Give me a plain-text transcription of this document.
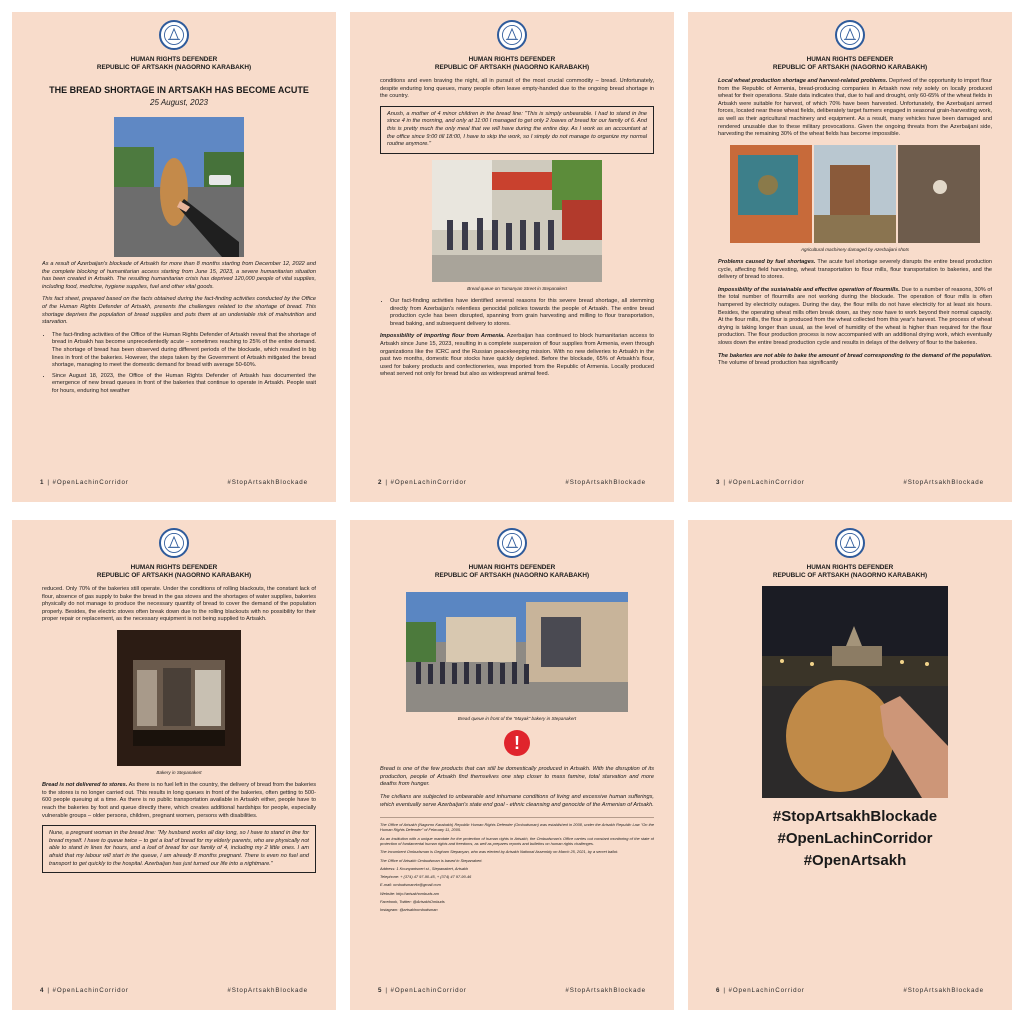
HUMAN RIGHTS DEFENDER
REPUBLIC OF ARTSAKH (NAGORNO KARABAKH)
THE BREAD SHORTAGE IN ARTSAKH HAS BECOME ACUTE
25 August, 2023

As a result of Azerbaijan's blockade of Artsakh for more than 8 months starting from December 12, 2022 and the complete blocking of humanitarian access starting from June 15, 2023, a severe humanitarian situation has been created in Artsakh. The resulting humanitarian crisis has deprived 120,000 people of vital supplies, including food, medicine, hygiene supplies, fuel and other vital goods.

This fact sheet, prepared based on the facts obtained during the fact-finding activities conducted by the Office of the Human Rights Defender of Artsakh, presents the challenges related to the shortage of bread. This shortage deprives the population of bread supplies and puts them at an undeniable risk of malnutrition and starvation.

• The fact-finding activities of the Office of the Human Rights Defender of Artsakh reveal that the shortage of bread in Artsakh has become unprecedentedly acute – sometimes reaching to 25% of the entire demand. The shortage of bread has been observed during different periods of the blockade, which resulted in big lines in front of the bakeries. However, the steps taken by the Government of Artsakh mitigated the bread shortage, managing to meet the domestic demand for bread with average 50-60%.
• Since August 18, 2023, the Office of the Human Rights Defender of Artsakh has documented the emergence of new bread queues in front of the bakeries that continue to operate in Artsakh. People wait for hours, enduring hot weather
1 | #OpenLachinCorridor	#StopArtsakhBlockade
HUMAN RIGHTS DEFENDER
REPUBLIC OF ARTSAKH (NAGORNO KARABAKH)

conditions and even braving the night, all in pursuit of the most crucial commodity – bread. Unfortunately, despite enduring long queues, many people often leave empty-handed due to the ongoing bread shortage in the country.

Anush, a mother of 4 minor children in the bread line: "This is simply unbearable. I had to stand in line since 4 in the morning, and only at 11:00 I managed to get only 2 loaves of bread for our family of 6. And this is pretty much the only meal that we will have during the entire day. As I work as an accountant at the office since 9:00 till 18:00, I have to skip the work, so I simply do not manage to organize my normal routine anymore."
Bread queue on Tumanyan Street in Stepanakert
• Our fact-finding activities have identified several reasons for this severe bread shortage, all stemming directly from Azerbaijan's relentless genocidal policies towards the people of Artsakh. The entire bread production cycle has been disrupted, spanning from grain harvesting and milling to flour transportation, bread baking, and subsequent delivery to stores.

Impossibility of importing flour from Armenia. Azerbaijan has continued to block humanitarian access to Artsakh since June 15, 2023, resulting in a complete suspension of flour supplies from Armenia, even through organizations like the ICRC and the Russian peacekeeping mission. With no new deliveries to Artsakh in the past two months, domestic flour stocks have quickly depleted. Before the blockade, 65% of Artsakh's flour, used for bakery products and confectioneries, was imported from the Republic of Armenia. Locally produced wheat served not only for bread but also as widespread animal feed.

2 | #OpenLachinCorridor	#StopArtsakhBlockade
HUMAN RIGHTS DEFENDER
REPUBLIC OF ARTSAKH (NAGORNO KARABAKH)

Local wheat production shortage and harvest-related problems. Deprived of the opportunity to import flour from the Republic of Armenia, bread-producing companies in Artsakh now rely solely on locally produced wheat for their operations. State data indicates that, due to hail and drought, only 60-65% of the wheat fields in Artsakh were suitable for harvest, of which 70% have been harvested. Unfortunately, the Azerbaijani armed forces, located near these wheat fields, deliberately target farmers engaged in seasonal grain-harvesting work, as well as their agricultural machinery and equipment. As a result, many vehicles have been damaged and rendered unusable due to these military provocations. Given the ongoing threats from the Azerbaijani side, harvesting the remaining 30% of the wheat fields has become impossible.

Agricultural machinery damaged by Azerbaijani shots

Problems caused by fuel shortages. The acute fuel shortage severely disrupts the entire bread production cycle, affecting field harvesting, wheat transportation to flour mills, flour transportation to bakeries, and the delivery of bread to stores.

Impossibility of the sustainable and effective operation of flourmills. Due to a number of reasons, 30% of the total number of flourmills are not working during the blockade. The operation of flour mills is often hampered by electricity outages. During the day, the flour mills do not have electricity for at least six hours. Besides, the operating wheat mills often break down, as they now have to work beyond their normal capacity. At the flour mills, the flour is produced from the wheat collected from this year's harvest. The process of wheat drying is taking longer than usual, as the level of humidity of the wheat is higher than required for the flour production. The flour production process is now accompanied with an additional drying work, which eventually slows down the entire bread production cycle and results in delays of the delivery of flour to the bakeries.

The bakeries are not able to bake the amount of bread corresponding to the demand of the population. The volume of bread production has significantly

3 | #OpenLachinCorridor	#StopArtsakhBlockade
HUMAN RIGHTS DEFENDER
REPUBLIC OF ARTSAKH (NAGORNO KARABAKH)

reduced. Only 70% of the bakeries still operate. Under the conditions of rolling blackouts, the constant lack of flour, absence of gas supply to bake the bread in the gas stoves and the shortages of water supplies, bakeries physically do not manage to produce the necessary quantity of bread to cover the demand of the population properly. Besides, the electric stoves often break down due to the rolling blackouts with no possibility for their proper repair or replacement, as the necessary equipment is not being supplied to Artsakh.

Bakery in Stepanakert

Bread is not delivered to stores. As there is no fuel left in the country, the delivery of bread from the bakeries to the stores is no longer carried out. This results in long queues in front of the bakeries, often getting to 500-600 people queuing at a time. As there is no public transportation available in Artsakh either, people have to reach the bakeries by foot and queue directly there, which creates additional hardships for people, especially vulnerable groups – older persons, children, pregnant women, persons with disabilities.

Nune, a pregnant woman in the bread line: "My husband works all day long, so I have to stand in line for bread myself. I have to queue twice – to get a loaf of bread for my elderly parents, who are physically not able to stand in lines for hours, and a loaf of bread for our family of 4, including my 2 little ones. I am afraid that my labour will start in the queue, I am already 8 months pregnant. There is even no fuel and transport to get quickly to the hospital. Azerbaijan has just turned our life into a nightmare."
4 | #OpenLachinCorridor	#StopArtsakhBlockade
HUMAN RIGHTS DEFENDER
REPUBLIC OF ARTSAKH (NAGORNO KARABAKH)
Bread queue in front of the "Mayak" bakery in Stepanakert
!

Bread is one of the few products that can still be domestically produced in Artsakh. With the disruption of its production, people of Artsakh find themselves one step closer to mass famine, total starvation and more deaths from hunger.

The civilians are subjected to unbearable and inhumane conditions of living and excessive human sufferings, which eventually serve Azerbaijan's state end goal - ethnic cleansing and genocide of the Armenian of Artsakh.

The Office of Artsakh (Nagorno Karabakh) Republic Human Rights Defender (Ombudsman) was established in 2008, under the Artsakh Republic Law "On the Human Rights Defender" of February 11, 2005.
As an institution with a unique mandate for the protection of human rights in Artsakh, the Ombudsman's Office carries out constant monitoring of the state of protection of fundamental human rights and freedoms, as well as prepares reports and bulletins on human rights challenges.
The incumbent Ombudsman is Gegham Stepanyan, who was elected by Artsakh National Assembly on March 25, 2021, by a secret ballot.
The Office of Artsakh Ombudsman is based in Stepanakert.
Address: 1 Knunyantsneri st., Stepanakert, Artsakh
Telephone: + (374) 47 97-90-45, + (374) 47 97-90-46
E-mail: ombudsmanrkr@gmail.com
Website: http://artsakhombuds.am
Facebook, Twitter: @ArtsakhOmbuds
Instagram: @artsakhombudsman
5 | #OpenLachinCorridor	#StopArtsakhBlockade
HUMAN RIGHTS DEFENDER
REPUBLIC OF ARTSAKH (NAGORNO KARABAKH)
#StopArtsakhBlockade
#OpenLachinCorridor
#OpenArtsakh
6 | #OpenLachinCorridor	#StopArtsakhBlockade
